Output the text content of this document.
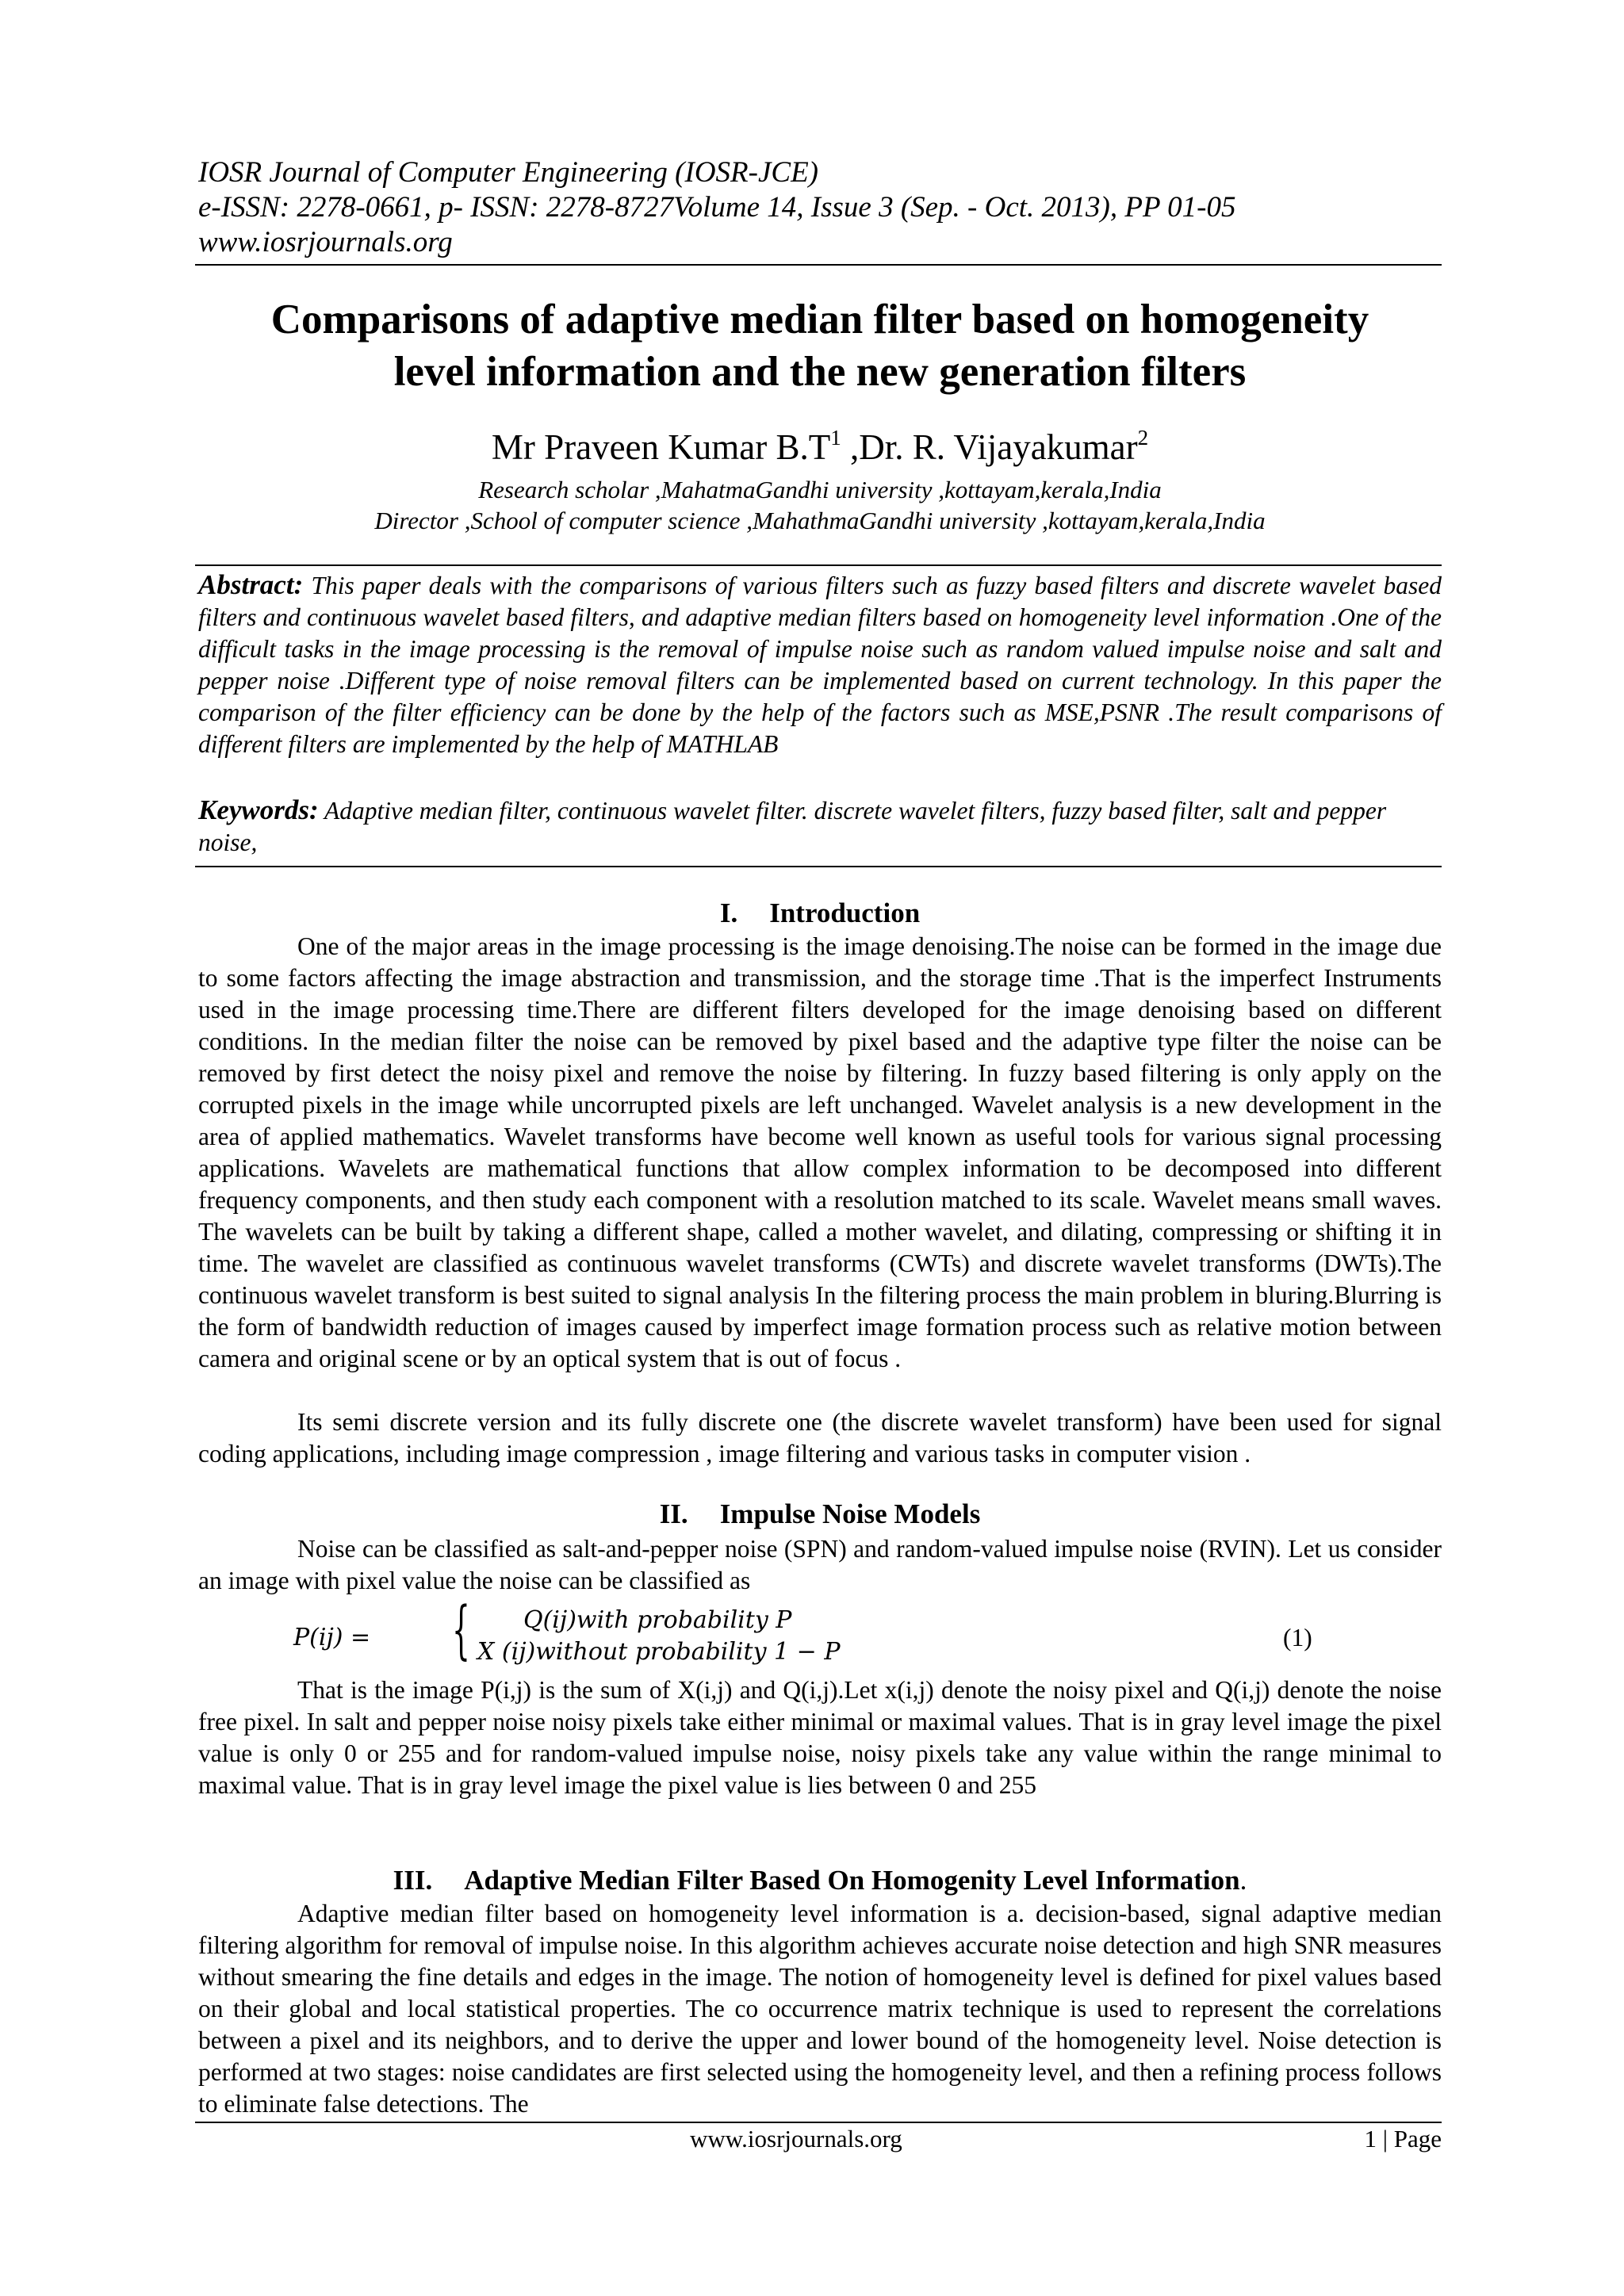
IOSR Journal of Computer Engineering (IOSR-JCE)
e-ISSN: 2278-0661, p- ISSN: 2278-8727Volume 14, Issue 3 (Sep. - Oct. 2013), PP 01-05
www.iosrjournals.org
Comparisons of adaptive median filter based on homogeneity
level information and the new generation filters
Mr Praveen Kumar $B.T^1$ ,Dr. R. Vijayakumar$^2$
Research scholar ,MahatmaGandhi university ,kottayam,kerala,India
Director ,School of computer science ,MahathmaGandhi university ,kottayam,kerala,India
Abstract: This paper deals with the comparisons of various filters such as fuzzy based filters and discrete wavelet based filters and continuous wavelet based filters, and adaptive median filters based on homogeneity level information .One of the difficult tasks in the image processing is the removal of impulse noise such as random valued impulse noise and salt and pepper noise .Different type of noise removal filters can be implemented based on current technology. In this paper the comparison of the filter efficiency can be done by the help of the factors such as MSE,PSNR .The result comparisons of different filters are implemented by the help of MATHLAB
Keywords: Adaptive median filter, continuous wavelet filter. discrete wavelet filters, fuzzy based filter, salt and pepper noise,
I. Introduction
One of the major areas in the image processing is the image denoising.The noise can be formed in the image due to some factors affecting the image abstraction and transmission, and the storage time .That is the imperfect Instruments used in the image processing time.There are different filters developed for the image denoising based on different conditions. In the median filter the noise can be removed by pixel based and the adaptive type filter the noise can be removed by first detect the noisy pixel and remove the noise by filtering. In fuzzy based filtering is only apply on the corrupted pixels in the image while uncorrupted pixels are left unchanged. Wavelet analysis is a new development in the area of applied mathematics. Wavelet transforms have become well known as useful tools for various signal processing applications. Wavelets are mathematical functions that allow complex information to be decomposed into different frequency components, and then study each component with a resolution matched to its scale. Wavelet means small waves. The wavelets can be built by taking a different shape, called a mother wavelet, and dilating, compressing or shifting it in time. The wavelet are classified as continuous wavelet transforms (CWTs) and discrete wavelet transforms (DWTs).The continuous wavelet transform is best suited to signal analysis In the filtering process the main problem in bluring.Blurring is the form of bandwidth reduction of images caused by imperfect image formation process such as relative motion between camera and original scene or by an optical system that is out of focus .
Its semi discrete version and its fully discrete one (the discrete wavelet transform) have been used for signal coding applications, including image compression , image filtering and various tasks in computer vision .
II. Impulse Noise Models
Noise can be classified as salt-and-pepper noise (SPN) and random-valued impulse noise (RVIN). Let us consider an image with pixel value the noise can be classified as
P(ij) = { Q(ij)with probability P
X (ij)without probability 1 − P
(1)
That is the image P(i,j) is the sum of X(i,j) and Q(i,j).Let x(i,j) denote the noisy pixel and Q(i,j) denote the noise free pixel. In salt and pepper noise noisy pixels take either minimal or maximal values. That is in gray level image the pixel value is only 0 or 255 and for random-valued impulse noise, noisy pixels take any value within the range minimal to maximal value. That is in gray level image the pixel value is lies between 0 and 255
III. Adaptive Median Filter Based On Homogenity Level Information.
Adaptive median filter based on homogeneity level information is a. decision-based, signal adaptive median filtering algorithm for removal of impulse noise. In this algorithm achieves accurate noise detection and high SNR measures without smearing the fine details and edges in the image. The notion of homogeneity level is defined for pixel values based on their global and local statistical properties. The co occurrence matrix technique is used to represent the correlations between a pixel and its neighbors, and to derive the upper and lower bound of the homogeneity level. Noise detection is performed at two stages: noise candidates are first selected using the homogeneity level, and then a refining process follows to eliminate false detections. The
www.iosrjournals.org	1 | Page
